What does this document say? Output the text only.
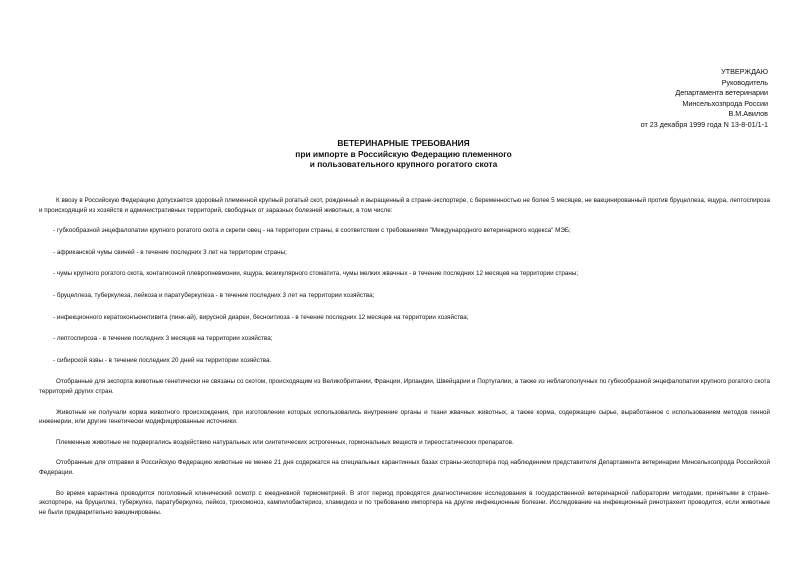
УТВЕРЖДАЮ
Руководитель
Департамента ветеринарии
Минсельхозпрода России
В.М.Авилов
от 23 декабря 1999 года N 13-8-01/1-1
ВЕТЕРИНАРНЫЕ ТРЕБОВАНИЯ
при импорте в Российскую Федерацию племенного
и пользовательного крупного рогатого скота

К ввозу в Российскую Федерацию допускается здоровый племенной крупный рогатый скот, рожденный и выращенный в стране-экспортере, с беременностью не более 5 месяцев, не вакцинированный против бруцеллеза, ящура, лептоспироза и происходящий из хозяйств и административных территорий, свободных от заразных болезней животных, в том числе:

- губкообразной энцефалопатии крупного рогатого скота и скрепи овец - на территории страны, в соответствии с требованиями "Международного ветеринарного кодекса" МЭБ;
- африканской чумы свиней - в течение последних 3 лет на территории страны;
- чумы крупного рогатого скота, контагиозной плевропневмонии, ящура, везикулярного стоматита, чумы мелких жвачных - в течение последних 12 месяцев на территории страны;
- бруцеллеза, туберкулеза, лейкоза и паратуберкулеза - в течение последних 3 лет на территории хозяйства;
- инфекционного кератоконъюнктивита (пинк-ай), вирусной диареи, бесноитиоза - в течение последних 12 месяцев на территории хозяйства;
- лептоспироза - в течение последних 3 месяцев на территории хозяйства;
- сибирской язвы - в течение последних 20 дней на территории хозяйства.

Отобранные для экспорта животные генетически не связаны со скотом, происходящим из Великобритании, Франции, Ирландии, Швейцарии и Португалии, а также из неблагополучных по губкообразной энцефалопатии крупного рогатого скота территорий других стран.

Животные не получали корма животного происхождения, при изготовлении которых использовались внутренние органы и ткани жвачных животных, а также корма, содержащие сырье, выработанное с использованием методов генной инженерии, или другие генетически модифицированные источники.

Племенные животные не подвергались воздействию натуральных или синтетических эстрогенных, гормональных веществ и тиреостатических препаратов.

Отобранные для отправки в Российскую Федерацию животные не менее 21 дня содержатся на специальных карантинных базах страны-экспортера под наблюдением представителя Департамента ветеринарии Минсельхозпрода Российской Федерации.

Во время карантина проводится поголовный клинический осмотр с ежедневной термометрией. В этот период проводятся диагностические исследования в государственной ветеринарной лаборатории методами, принятыми в стране-экспортере, на бруцеллез, туберкулез, паратуберкулез, лейкоз, трихомоноз, кампилобактериоз, хламидиоз и по требованию импортера на другие инфекционные болезни. Исследование на инфекционный ринотрахеит проводится, если животные не были предварительно вакцинированы.
